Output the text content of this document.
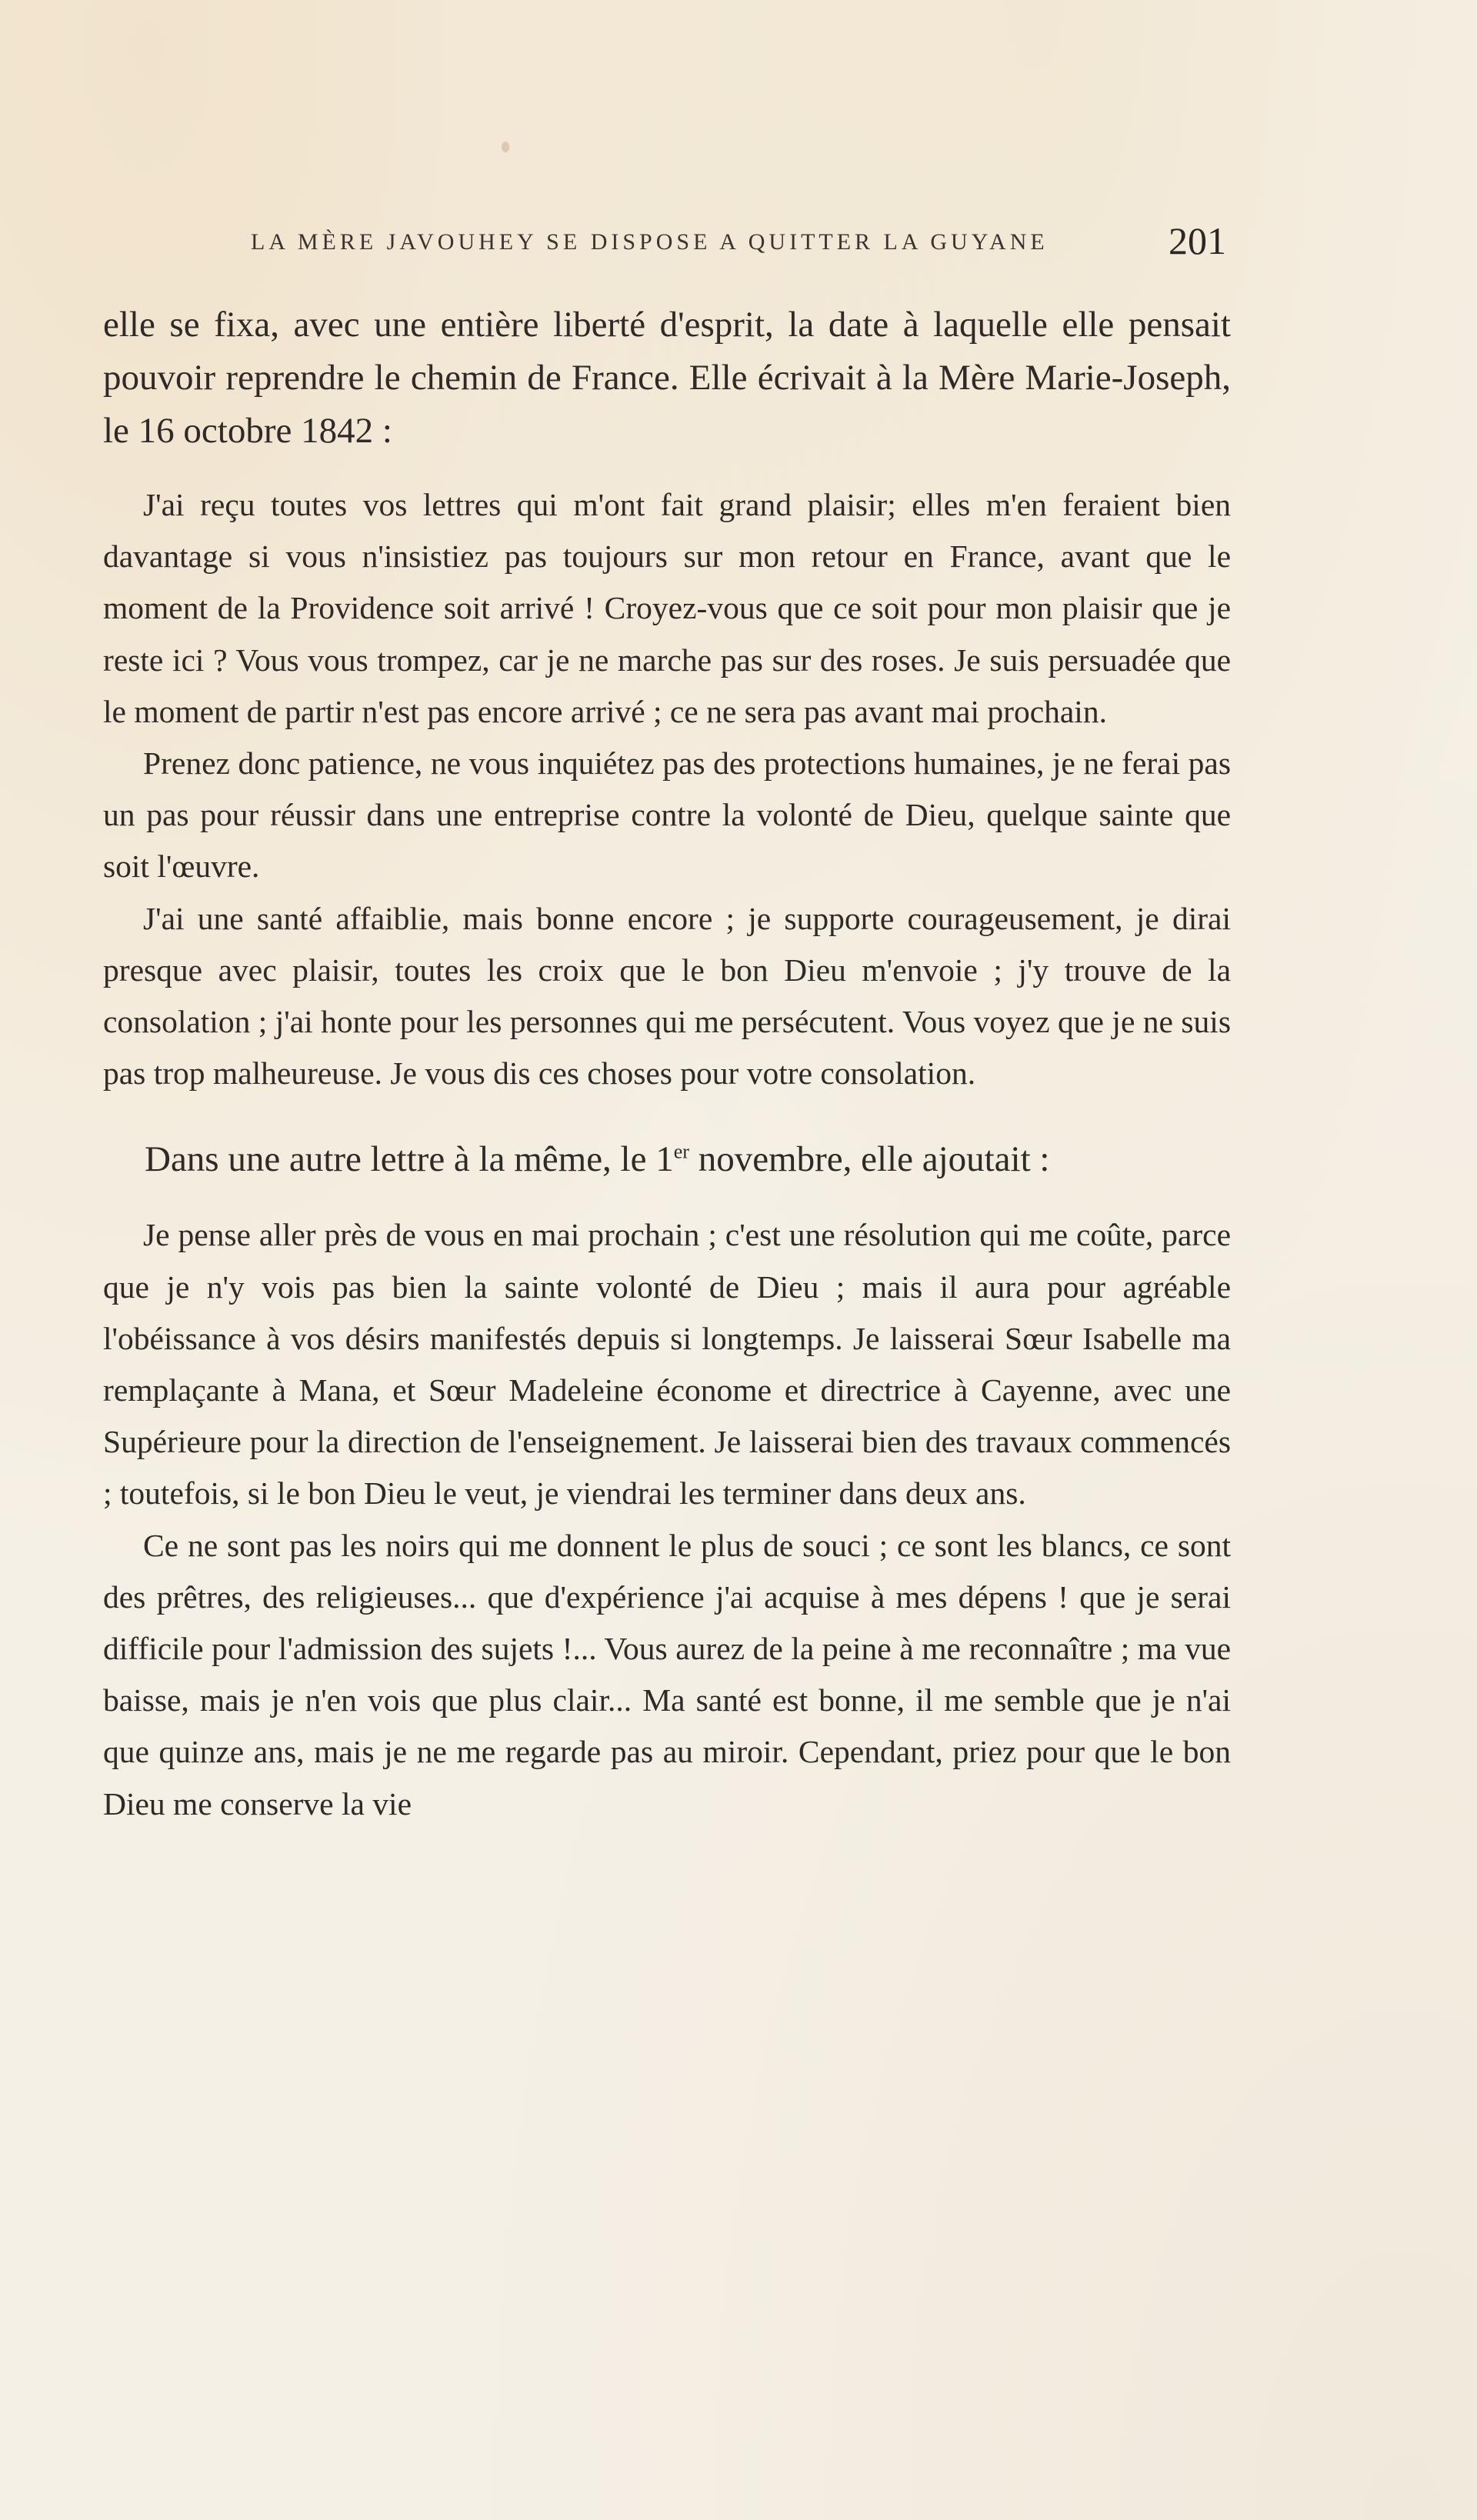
LA MÈRE JAVOUHEY SE DISPOSE A QUITTER LA GUYANE	201

elle se fixa, avec une entière liberté d'esprit, la date à laquelle elle pensait pouvoir reprendre le chemin de France. Elle écrivait à la Mère Marie-Joseph, le 16 octobre 1842 :

J'ai reçu toutes vos lettres qui m'ont fait grand plaisir; elles m'en feraient bien davantage si vous n'insistiez pas toujours sur mon retour en France, avant que le moment de la Providence soit arrivé ! Croyez-vous que ce soit pour mon plaisir que je reste ici ? Vous vous trompez, car je ne marche pas sur des roses. Je suis persuadée que le moment de partir n'est pas encore arrivé ; ce ne sera pas avant mai prochain.

Prenez donc patience, ne vous inquiétez pas des protections humaines, je ne ferai pas un pas pour réussir dans une entreprise contre la volonté de Dieu, quelque sainte que soit l'œuvre.

J'ai une santé affaiblie, mais bonne encore ; je supporte courageusement, je dirai presque avec plaisir, toutes les croix que le bon Dieu m'envoie ; j'y trouve de la consolation ; j'ai honte pour les personnes qui me persécutent. Vous voyez que je ne suis pas trop malheureuse. Je vous dis ces choses pour votre consolation.

Dans une autre lettre à la même, le 1er novembre, elle ajoutait :

Je pense aller près de vous en mai prochain ; c'est une résolution qui me coûte, parce que je n'y vois pas bien la sainte volonté de Dieu ; mais il aura pour agréable l'obéissance à vos désirs manifestés depuis si longtemps. Je laisserai Sœur Isabelle ma remplaçante à Mana, et Sœur Madeleine économe et directrice à Cayenne, avec une Supérieure pour la direction de l'enseignement. Je laisserai bien des travaux commencés ; toutefois, si le bon Dieu le veut, je viendrai les terminer dans deux ans.

Ce ne sont pas les noirs qui me donnent le plus de souci ; ce sont les blancs, ce sont des prêtres, des religieuses... que d'expérience j'ai acquise à mes dépens ! que je serai difficile pour l'admission des sujets !... Vous aurez de la peine à me reconnaître ; ma vue baisse, mais je n'en vois que plus clair... Ma santé est bonne, il me semble que je n'ai que quinze ans, mais je ne me regarde pas au miroir. Cependant, priez pour que le bon Dieu me conserve la vie
